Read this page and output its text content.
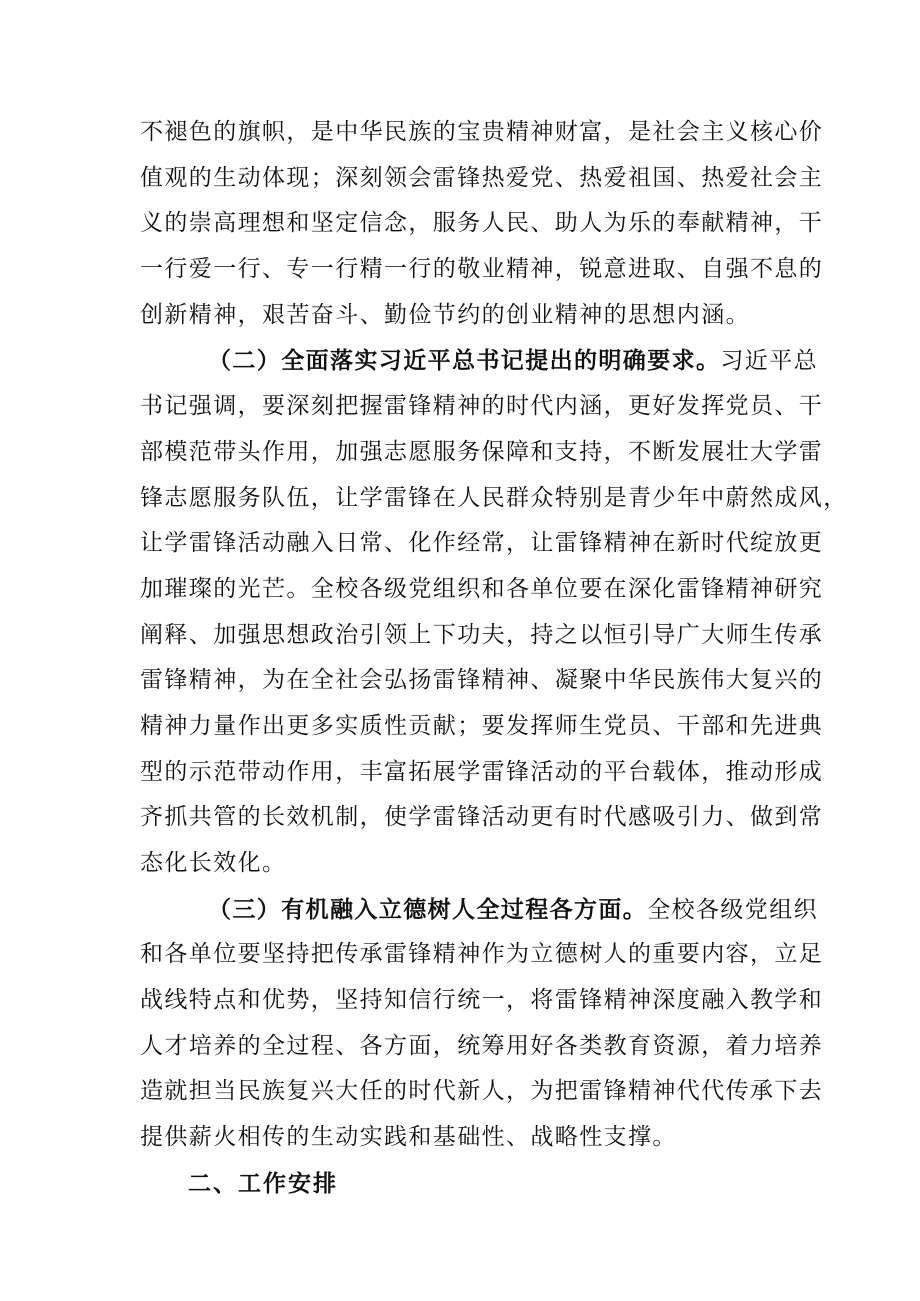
不褪色的旗帜，是中华民族的宝贵精神财富，是社会主义核心价
值观的生动体现；深刻领会雷锋热爱党、热爱祖国、热爱社会主
义的崇高理想和坚定信念，服务人民、助人为乐的奉献精神，干
一行爱一行、专一行精一行的敬业精神，锐意进取、自强不息的
创新精神，艰苦奋斗、勤俭节约的创业精神的思想内涵。
（二）全面落实习近平总书记提出的明确要求。习近平总
书记强调，要深刻把握雷锋精神的时代内涵，更好发挥党员、干
部模范带头作用，加强志愿服务保障和支持，不断发展壮大学雷
锋志愿服务队伍，让学雷锋在人民群众特别是青少年中蔚然成风，
让学雷锋活动融入日常、化作经常，让雷锋精神在新时代绽放更
加璀璨的光芒。全校各级党组织和各单位要在深化雷锋精神研究
阐释、加强思想政治引领上下功夫，持之以恒引导广大师生传承
雷锋精神，为在全社会弘扬雷锋精神、凝聚中华民族伟大复兴的
精神力量作出更多实质性贡献；要发挥师生党员、干部和先进典
型的示范带动作用，丰富拓展学雷锋活动的平台载体，推动形成
齐抓共管的长效机制，使学雷锋活动更有时代感吸引力、做到常
态化长效化。
（三）有机融入立德树人全过程各方面。全校各级党组织
和各单位要坚持把传承雷锋精神作为立德树人的重要内容，立足
战线特点和优势，坚持知信行统一，将雷锋精神深度融入教学和
人才培养的全过程、各方面，统筹用好各类教育资源，着力培养
造就担当民族复兴大任的时代新人，为把雷锋精神代代传承下去
提供薪火相传的生动实践和基础性、战略性支撑。
二、工作安排
